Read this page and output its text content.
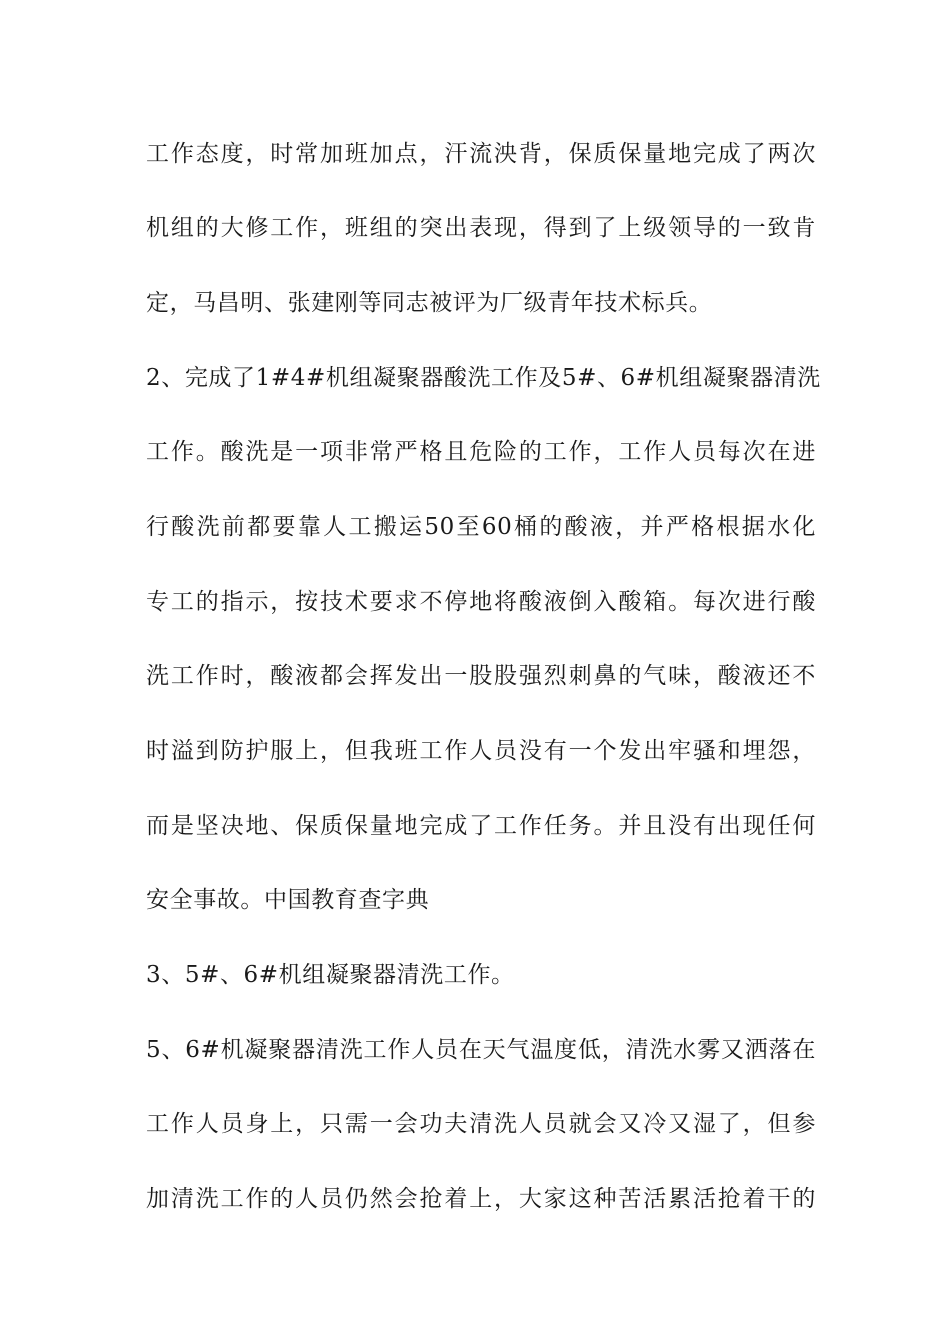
工作态度，时常加班加点，汗流泱背，保质保量地完成了两次
机组的大修工作，班组的突出表现，得到了上级领导的一致肯
定，马昌明、张建刚等同志被评为厂级青年技术标兵。
2、完成了1#4#机组凝聚器酸洗工作及5#、6#机组凝聚器清洗
工作。酸洗是一项非常严格且危险的工作，工作人员每次在进
行酸洗前都要靠人工搬运50至60桶的酸液，并严格根据水化
专工的指示，按技术要求不停地将酸液倒入酸箱。每次进行酸
洗工作时，酸液都会挥发出一股股强烈刺鼻的气味，酸液还不
时溢到防护服上，但我班工作人员没有一个发出牢骚和埋怨，
而是坚决地、保质保量地完成了工作任务。并且没有出现任何
安全事故。中国教育查字典
3、5#、6#机组凝聚器清洗工作。
5、6#机凝聚器清洗工作人员在天气温度低，清洗水雾又洒落在
工作人员身上，只需一会功夫清洗人员就会又冷又湿了，但参
加清洗工作的人员仍然会抢着上，大家这种苦活累活抢着干的
